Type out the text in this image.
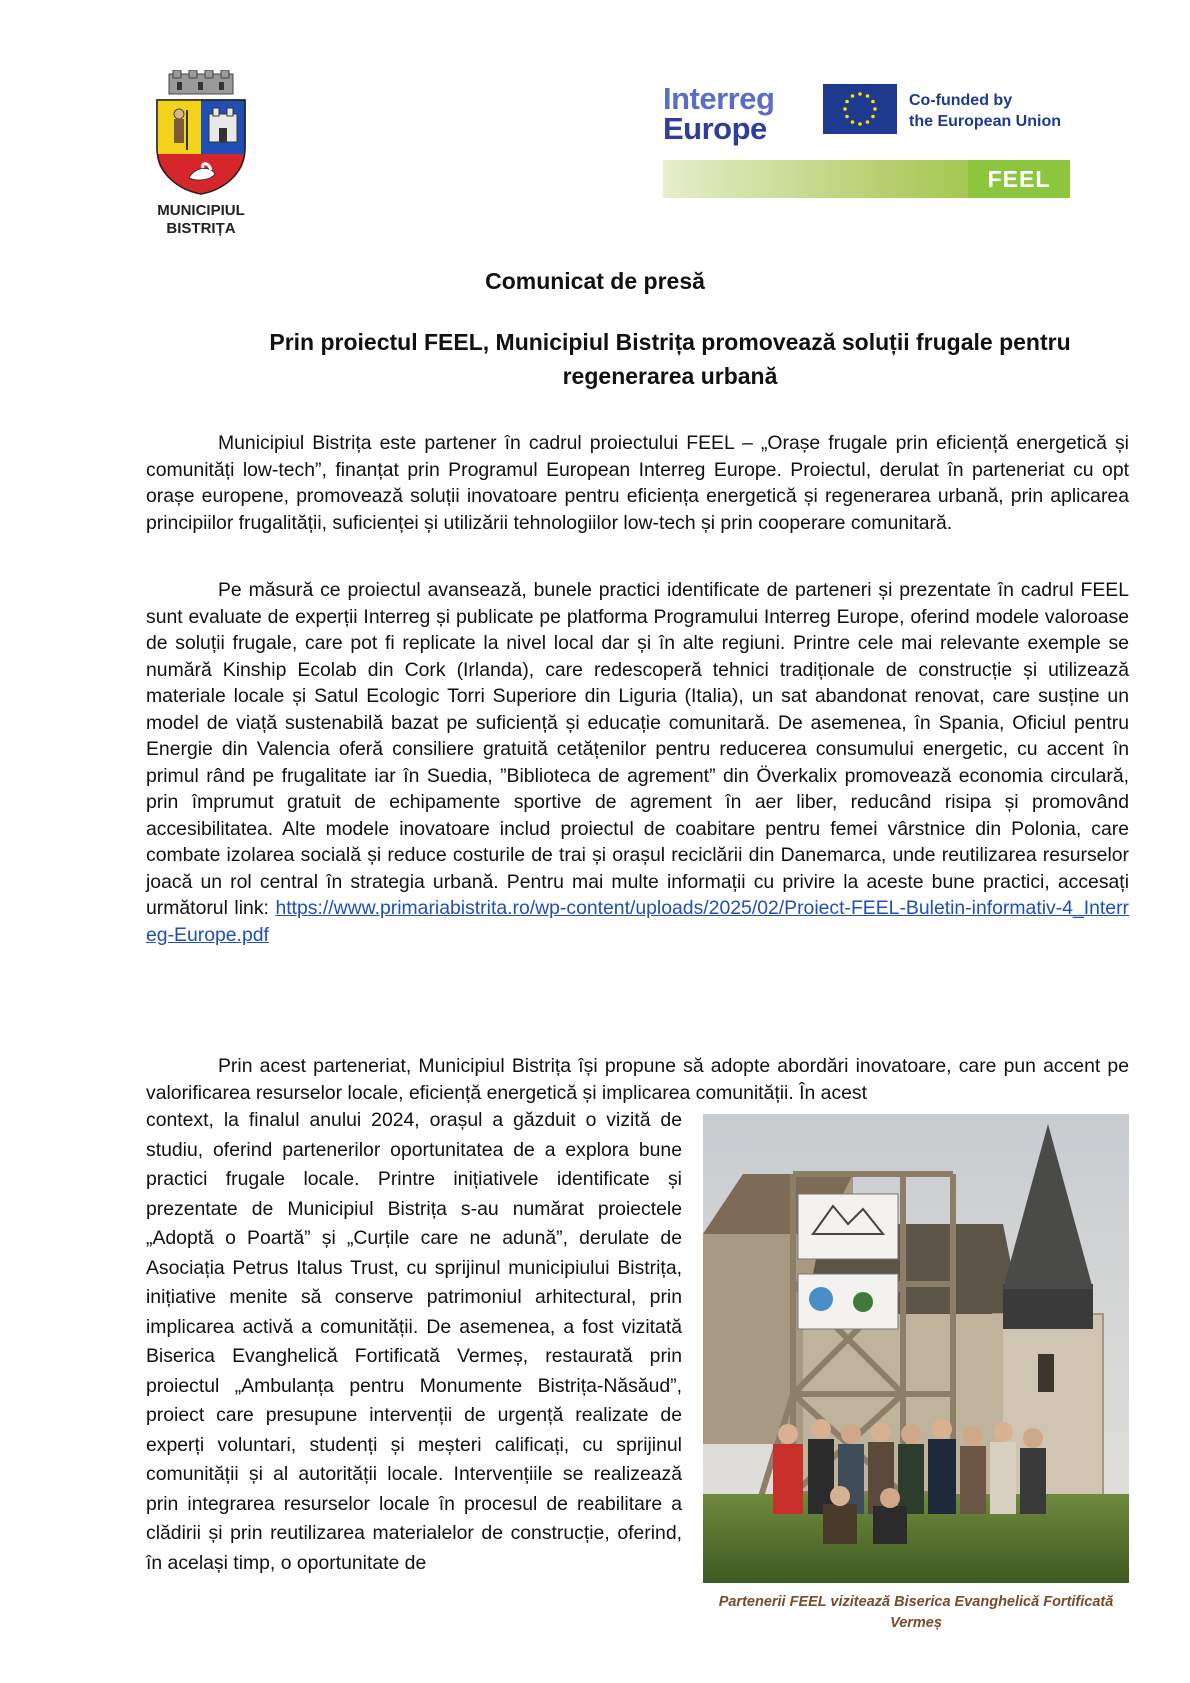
MUNICIPIUL
BISTRIȚA
Interreg
Europe
Co-funded by
the European Union
FEEL
Comunicat de presă
Prin proiectul FEEL, Municipiul Bistrița promovează soluții frugale pentru regenerarea urbană

Municipiul Bistrița este partener în cadrul proiectului FEEL – „Orașe frugale prin eficiență energetică și comunități low-tech”, finanțat prin Programul European Interreg Europe. Proiectul, derulat în parteneriat cu opt orașe europene, promovează soluții inovatoare pentru eficiența energetică și regenerarea urbană, prin aplicarea principiilor frugalității, suficienței și utilizării tehnologiilor low-tech și prin cooperare comunitară.

Pe măsură ce proiectul avansează, bunele practici identificate de parteneri și prezentate în cadrul FEEL sunt evaluate de experții Interreg și publicate pe platforma Programului Interreg Europe, oferind modele valoroase de soluții frugale, care pot fi replicate la nivel local dar și în alte regiuni. Printre cele mai relevante exemple se numără Kinship Ecolab din Cork (Irlanda), care redescoperă tehnici tradiționale de construcție și utilizează materiale locale și Satul Ecologic Torri Superiore din Liguria (Italia), un sat abandonat renovat, care susține un model de viață sustenabilă bazat pe suficiență și educație comunitară. De asemenea, în Spania, Oficiul pentru Energie din Valencia oferă consiliere gratuită cetățenilor pentru reducerea consumului energetic, cu accent în primul rând pe frugalitate iar în Suedia, ”Biblioteca de agrement” din Överkalix promovează economia circulară, prin împrumut gratuit de echipamente sportive de agrement în aer liber, reducând risipa și promovând accesibilitatea. Alte modele inovatoare includ proiectul de coabitare pentru femei vârstnice din Polonia, care combate izolarea socială și reduce costurile de trai și orașul reciclării din Danemarca, unde reutilizarea resurselor joacă un rol central în strategia urbană. Pentru mai multe informații cu privire la aceste bune practici, accesați următorul link: https://www.primariabistrita.ro/wp-content/uploads/2025/02/Proiect-FEEL-Buletin-informativ-4_Interreg-Europe.pdf

Prin acest parteneriat, Municipiul Bistrița își propune să adopte abordări inovatoare, care pun accent pe valorificarea resurselor locale, eficiență energetică și implicarea comunității. În acest

context, la finalul anului 2024, orașul a găzduit o vizită de studiu, oferind partenerilor oportunitatea de a explora bune practici frugale locale. Printre inițiativele identificate și prezentate de Municipiul Bistrița s-au numărat proiectele „Adoptă o Poartă” și „Curțile care ne adună”, derulate de Asociația Petrus Italus Trust, cu sprijinul municipiului Bistrița, inițiative menite să conserve patrimoniul arhitectural, prin implicarea activă a comunității. De asemenea, a fost vizitată Biserica Evanghelică Fortificată Vermeș, restaurată prin proiectul „Ambulanța pentru Monumente Bistrița-Năsăud”, proiect care presupune intervenții de urgență realizate de experți voluntari, studenți și meșteri calificați, cu sprijinul comunității și al autorității locale. Intervențiile se realizează prin integrarea resurselor locale în procesul de reabilitare a clădirii și prin reutilizarea materialelor de construcție, oferind, în același timp, o oportunitate de
Partenerii FEEL vizitează Biserica Evanghelică Fortificată Vermeș
